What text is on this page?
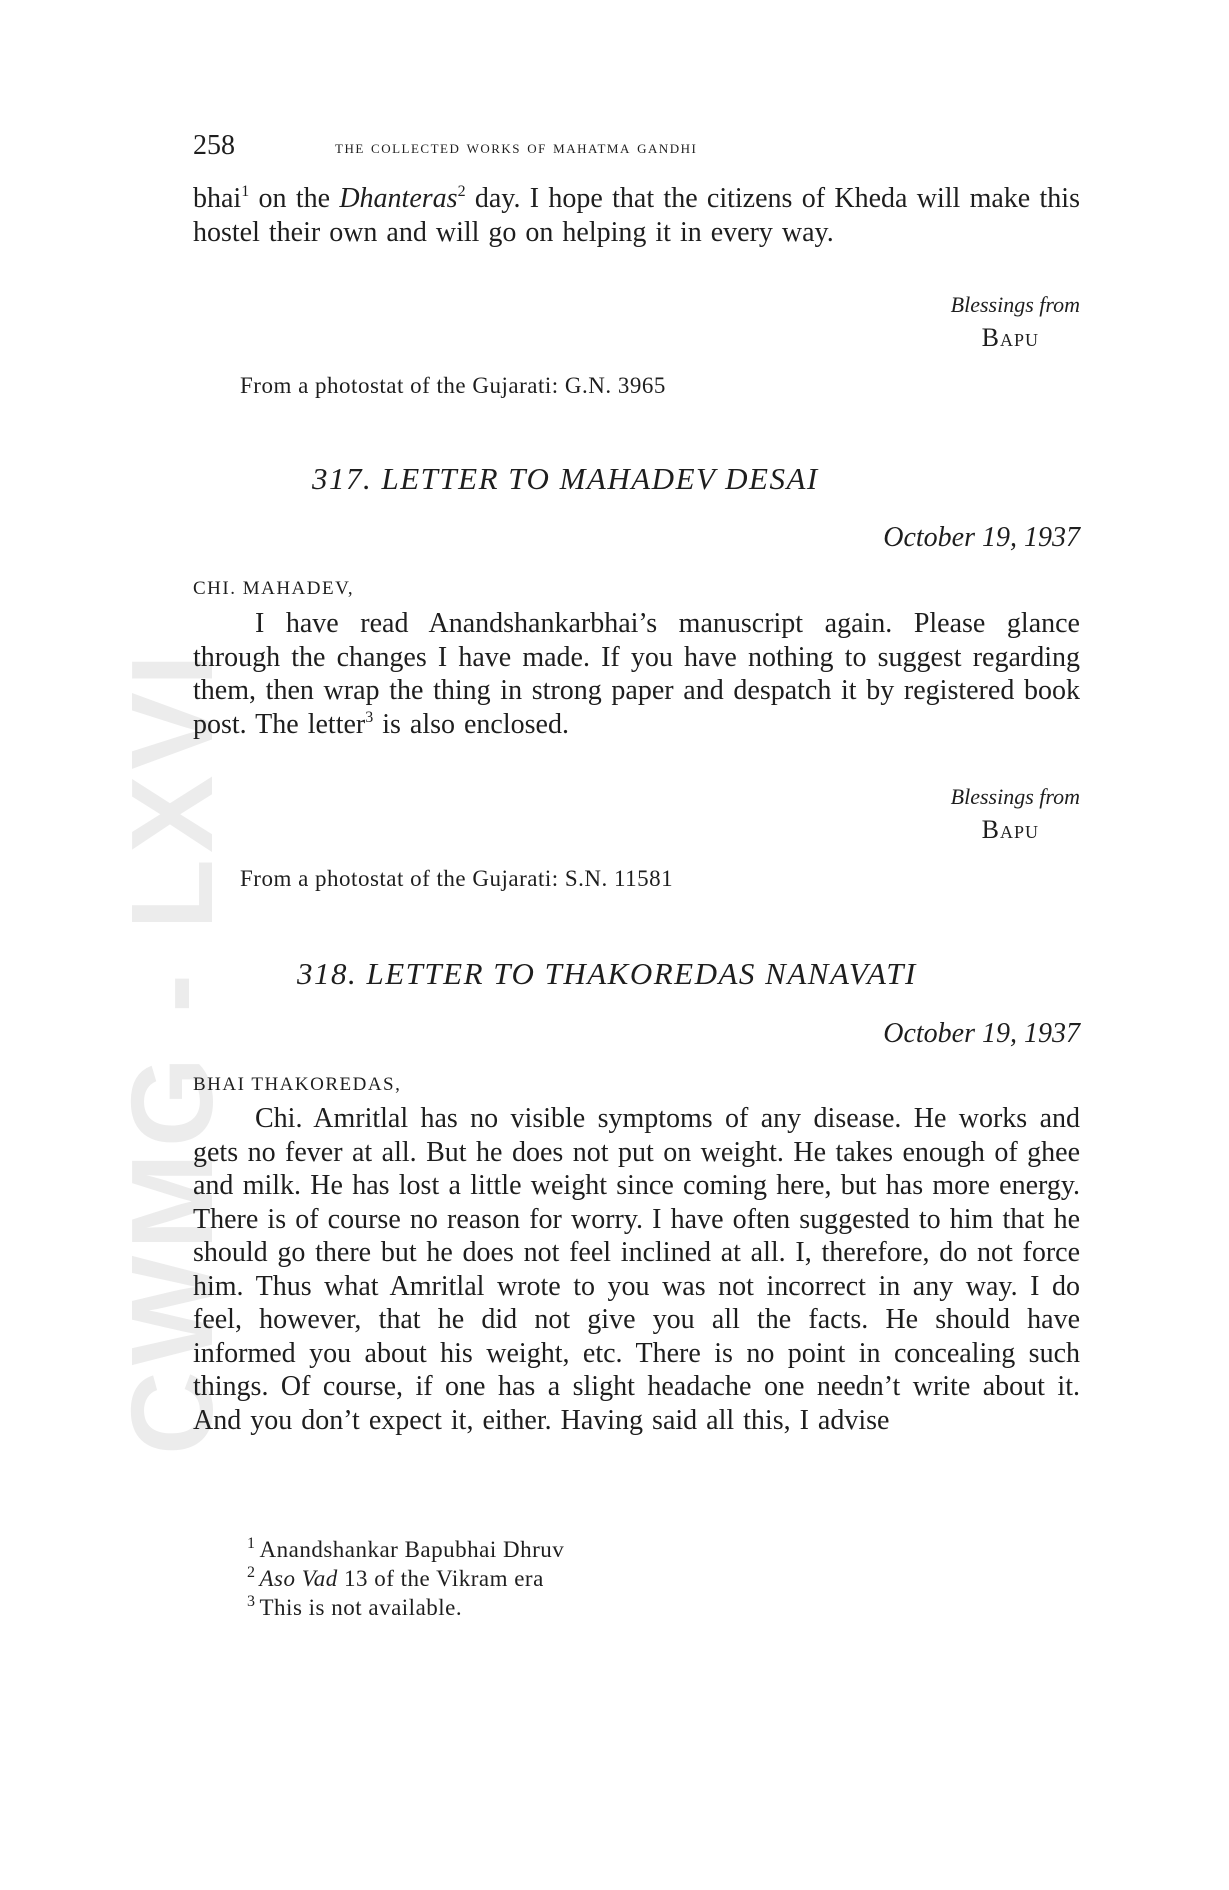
CWMG - LXVI
258	the collected works of mahatma gandhi
bhai$^1$ on the Dhanteras$^2$ day. I hope that the citizens of Kheda will make this hostel their own and will go on helping it in every way.
Blessings from
Bapu
From a photostat of the Gujarati: G.N. 3965
317. LETTER TO MAHADEV DESAI
October 19, 1937
CHI. MAHADEV,
I have read Anandshankarbhai’s manuscript again. Please glance through the changes I have made. If you have nothing to suggest regarding them, then wrap the thing in strong paper and despatch it by registered book post. The letter$^3$ is also enclosed.
Blessings from
Bapu
From a photostat of the Gujarati: S.N. 11581
318. LETTER TO THAKOREDAS NANAVATI
October 19, 1937
BHAI THAKOREDAS,
Chi. Amritlal has no visible symptoms of any disease. He works and gets no fever at all. But he does not put on weight. He takes enough of ghee and milk. He has lost a little weight since coming here, but has more energy. There is of course no reason for worry. I have often suggested to him that he should go there but he does not feel inclined at all. I, therefore, do not force him. Thus what Amritlal wrote to you was not incorrect in any way. I do feel, however, that he did not give you all the facts. He should have informed you about his weight, etc. There is no point in concealing such things. Of course, if one has a slight headache one needn’t write about it. And you don’t expect it, either. Having said all this, I advise
$^1$ Anandshankar Bapubhai Dhruv
$^2$ Aso Vad 13 of the Vikram era
$^3$ This is not available.
